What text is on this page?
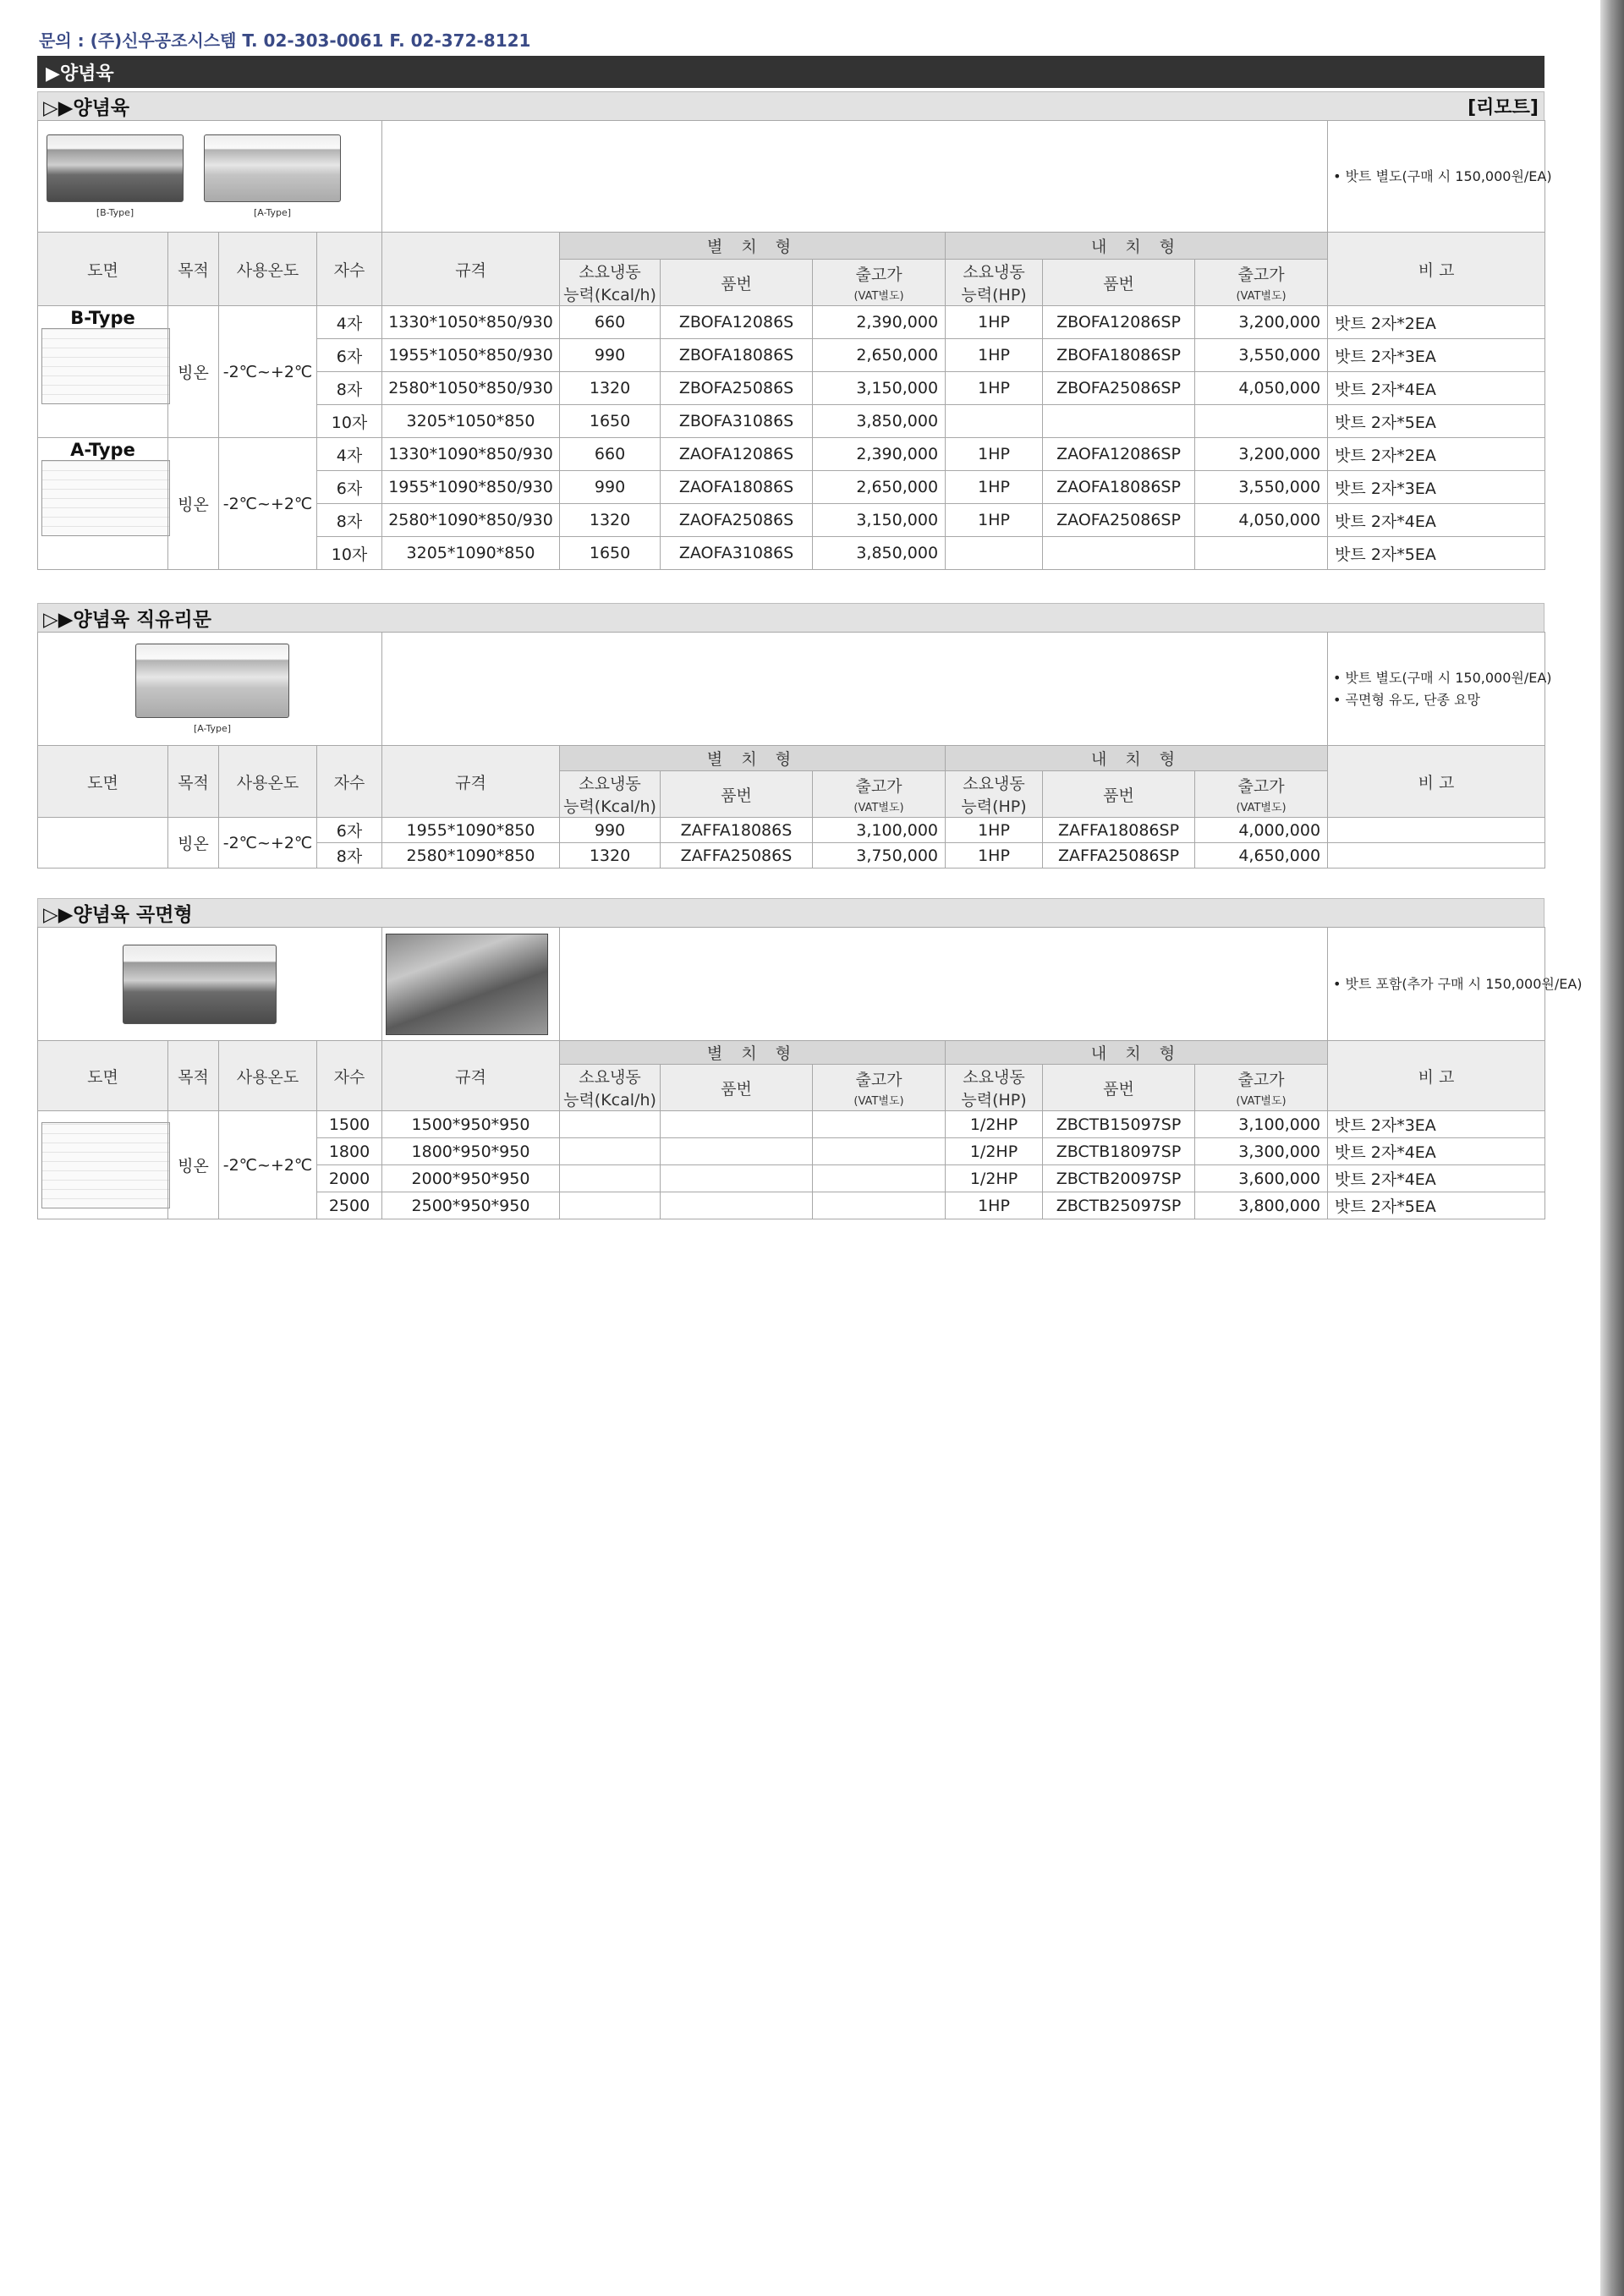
문의 : (주)신우공조시스템 T. 02-303-0061 F. 02-372-8121
▶양념육
▷▶양념육	[리모트]
[B-Type]
[A-Type]											• 밧트 별도(구매 시 150,000원/EA)
도면	목적	사용온도	자수	규격	별 치 형			내 치 형			비 고
					소요냉동
능력(Kcal/h)	품번	출고가
(VAT별도)	소요냉동
능력(HP)	품번	출고가
(VAT별도)	

B-Type	빙온	-2℃~+2℃	4자	1330*1050*850/930	660	ZBOFA12086S	2,390,000	1HP	ZBOFA12086SP	3,200,000	밧트 2자*2EA
			6자	1955*1050*850/930	990	ZBOFA18086S	2,650,000	1HP	ZBOFA18086SP	3,550,000	밧트 2자*3EA
			8자	2580*1050*850/930	1320	ZBOFA25086S	3,150,000	1HP	ZBOFA25086SP	4,050,000	밧트 2자*4EA
			10자	3205*1050*850	1650	ZBOFA31086S	3,850,000				밧트 2자*5EA

A-Type	빙온	-2℃~+2℃	4자	1330*1090*850/930	660	ZAOFA12086S	2,390,000	1HP	ZAOFA12086SP	3,200,000	밧트 2자*2EA
			6자	1955*1090*850/930	990	ZAOFA18086S	2,650,000	1HP	ZAOFA18086SP	3,550,000	밧트 2자*3EA
			8자	2580*1090*850/930	1320	ZAOFA25086S	3,150,000	1HP	ZAOFA25086SP	4,050,000	밧트 2자*4EA
			10자	3205*1090*850	1650	ZAOFA31086S	3,850,000				밧트 2자*5EA
▷▶양념육 직유리문
[A-Type]											• 밧트 별도(구매 시 150,000원/EA)
• 곡면형 유도, 단종 요망

도면	목적	사용온도	자수	규격	별 치 형			내 치 형			비 고
					소요냉동
능력(Kcal/h)	품번	출고가
(VAT별도)	소요냉동
능력(HP)	품번	출고가
(VAT별도)	
	빙온	-2℃~+2℃	6자	1955*1090*850	990	ZAFFA18086S	3,100,000	1HP	ZAFFA18086SP	4,000,000	
			8자	2580*1090*850	1320	ZAFFA25086S	3,750,000	1HP	ZAFFA25086SP	4,650,000	
▷▶양념육 곡면형
											• 밧트 포함(추가 구매 시 150,000원/EA)
도면	목적	사용온도	자수	규격	별 치 형			내 치 형			비 고
					소요냉동
능력(Kcal/h)	품번	출고가
(VAT별도)	소요냉동
능력(HP)	품번	출고가
(VAT별도)	

	빙온	-2℃~+2℃	1500	1500*950*950				1/2HP	ZBCTB15097SP	3,100,000	밧트 2자*3EA
			1800	1800*950*950				1/2HP	ZBCTB18097SP	3,300,000	밧트 2자*4EA
			2000	2000*950*950				1/2HP	ZBCTB20097SP	3,600,000	밧트 2자*4EA
			2500	2500*950*950				1HP	ZBCTB25097SP	3,800,000	밧트 2자*5EA
